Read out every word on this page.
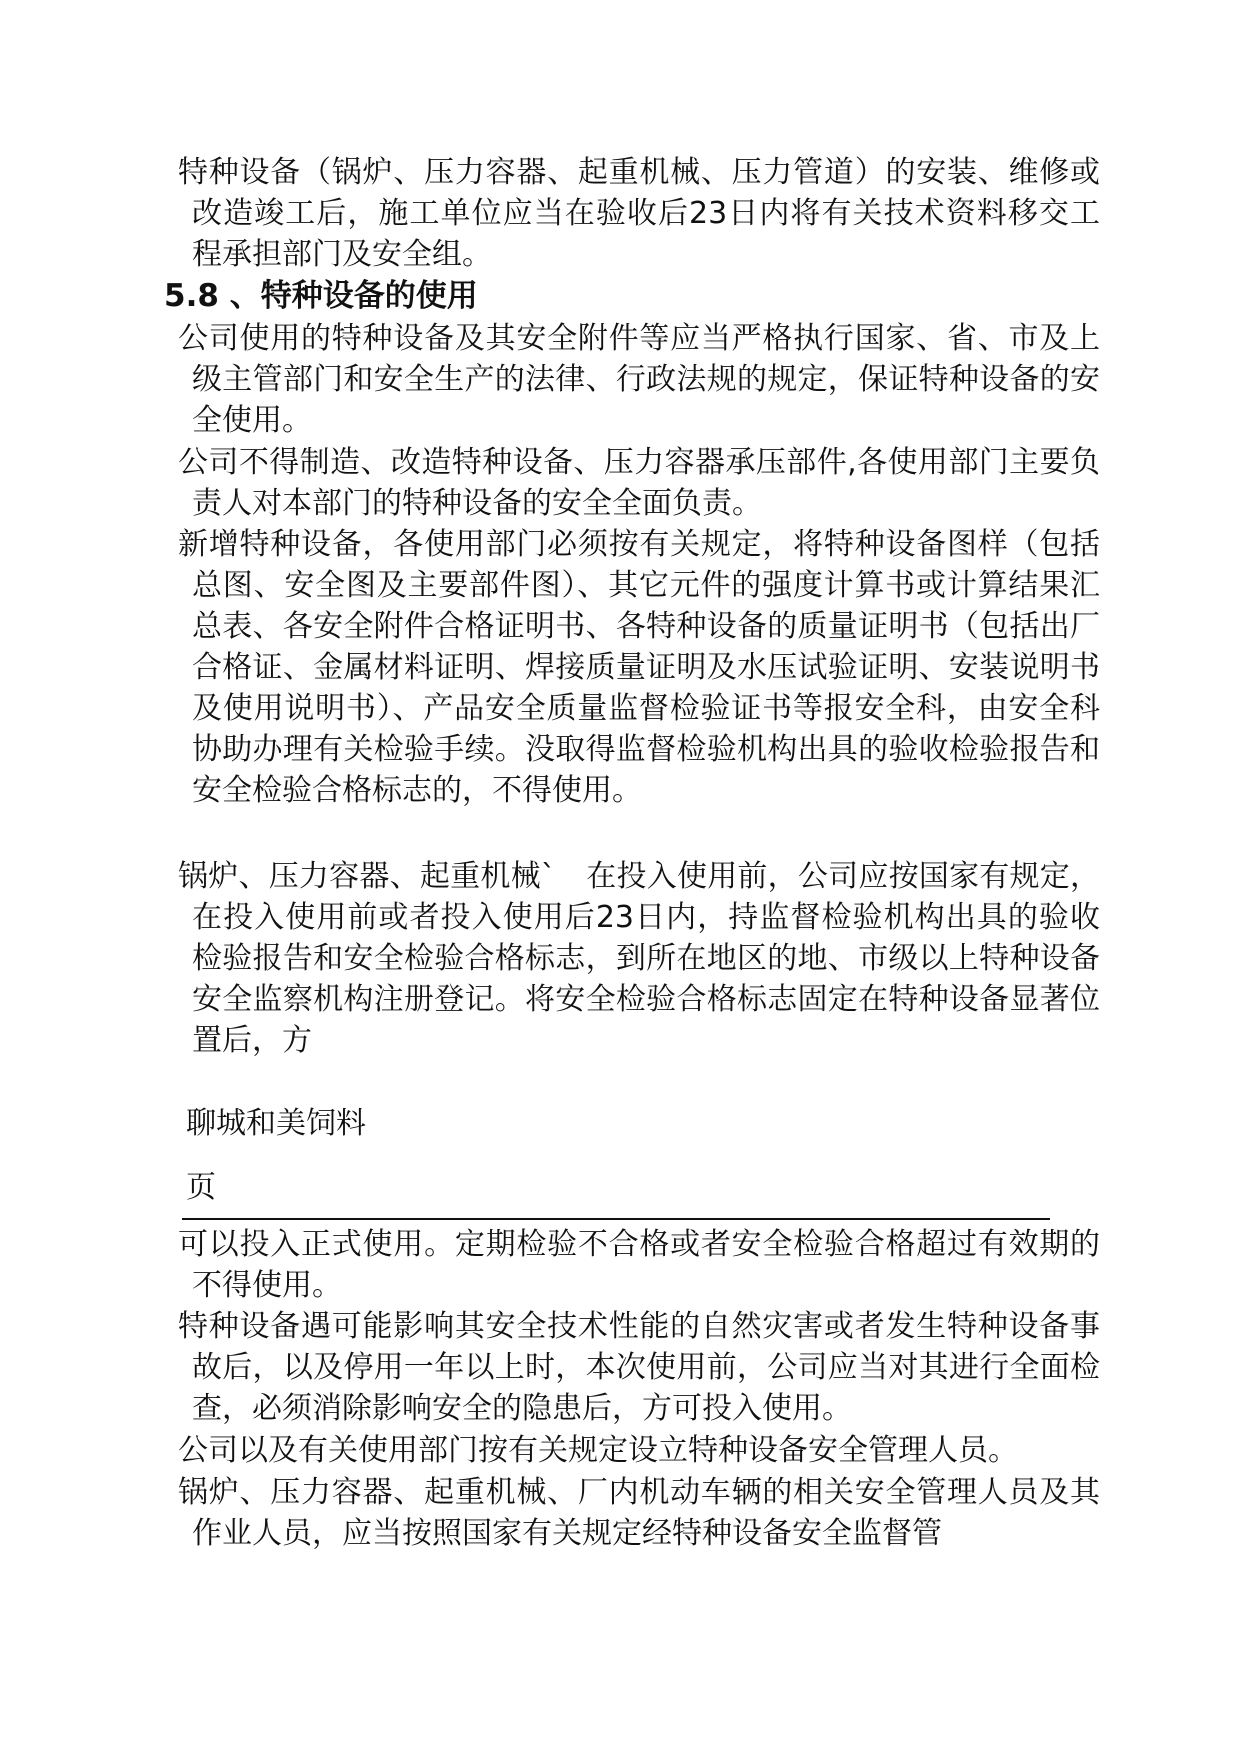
特种设备（锅炉、压力容器、起重机械、压力管道）的安装、维修或改造竣工后，施工单位应当在验收后23日内将有关技术资料移交工程承担部门及安全组。

5.8 、特种设备的使用

公司使用的特种设备及其安全附件等应当严格执行国家、省、市及上级主管部门和安全生产的法律、行政法规的规定，保证特种设备的安全使用。

公司不得制造、改造特种设备、压力容器承压部件,各使用部门主要负责人对本部门的特种设备的安全全面负责。

新增特种设备，各使用部门必须按有关规定，将特种设备图样（包括总图、安全图及主要部件图）、其它元件的强度计算书或计算结果汇总表、各安全附件合格证明书、各特种设备的质量证明书（包括出厂合格证、金属材料证明、焊接质量证明及水压试验证明、安装说明书及使用说明书）、产品安全质量监督检验证书等报安全科，由安全科协助办理有关检验手续。没取得监督检验机构出具的验收检验报告和安全检验合格标志的，不得使用。

锅炉、压力容器、起重机械`　在投入使用前，公司应按国家有规定，在投入使用前或者投入使用后23日内，持监督检验机构出具的验收检验报告和安全检验合格标志，到所在地区的地、市级以上特种设备安全监察机构注册登记。将安全检验合格标志固定在特种设备显著位置后，方

聊城和美饲料

页

可以投入正式使用。定期检验不合格或者安全检验合格超过有效期的不得使用。

特种设备遇可能影响其安全技术性能的自然灾害或者发生特种设备事故后，以及停用一年以上时，本次使用前，公司应当对其进行全面检查，必须消除影响安全的隐患后，方可投入使用。

公司以及有关使用部门按有关规定设立特种设备安全管理人员。

锅炉、压力容器、起重机械、厂内机动车辆的相关安全管理人员及其作业人员，应当按照国家有关规定经特种设备安全监督管
